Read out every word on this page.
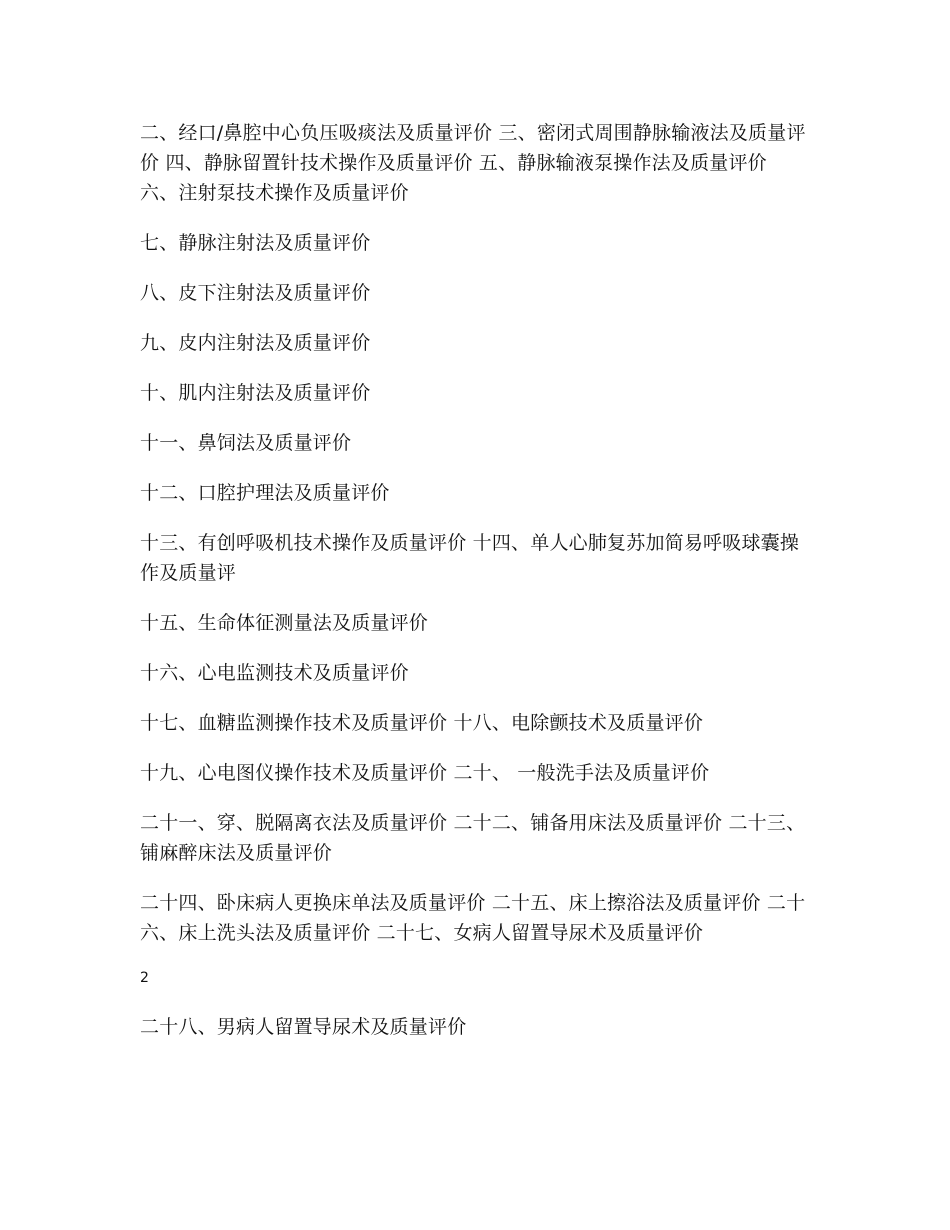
二、经口/鼻腔中心负压吸痰法及质量评价 三、密闭式周围静脉输液法及质量评价 四、静脉留置针技术操作及质量评价 五、静脉输液泵操作法及质量评价 六、注射泵技术操作及质量评价

七、静脉注射法及质量评价

八、皮下注射法及质量评价

九、皮内注射法及质量评价

十、肌内注射法及质量评价

十一、鼻饲法及质量评价

十二、口腔护理法及质量评价

十三、有创呼吸机技术操作及质量评价 十四、单人心肺复苏加简易呼吸球囊操作及质量评

十五、生命体征测量法及质量评价

十六、心电监测技术及质量评价

十七、血糖监测操作技术及质量评价 十八、电除颤技术及质量评价

十九、心电图仪操作技术及质量评价 二十、 一般洗手法及质量评价

二十一、穿、脱隔离衣法及质量评价 二十二、铺备用床法及质量评价 二十三、铺麻醉床法及质量评价

二十四、卧床病人更换床单法及质量评价 二十五、床上擦浴法及质量评价 二十六、床上洗头法及质量评价 二十七、女病人留置导尿术及质量评价

2

二十八、男病人留置导尿术及质量评价
